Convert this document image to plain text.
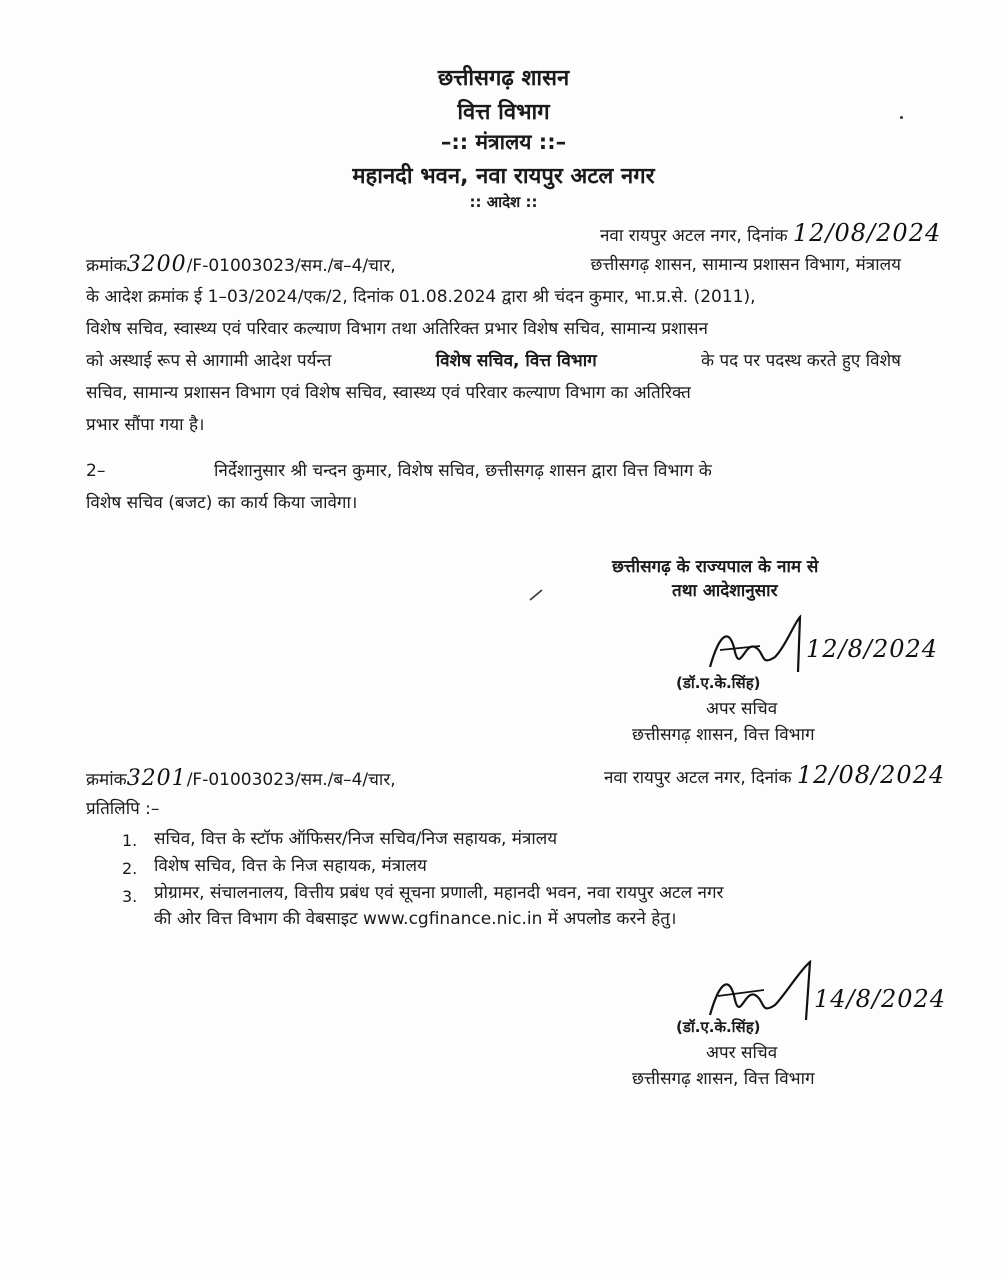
छत्तीसगढ़ शासन
वित्त विभाग
–:: मंत्रालय ::–
महानदी भवन, नवा रायपुर अटल नगर
:: आदेश ::
नवा रायपुर अटल नगर, दिनांक 12/08/2024
क्रमांक3200/F-01003023/सम./ब–4/चार,	छत्तीसगढ़ शासन, सामान्य प्रशासन विभाग, मंत्रालय
के आदेश क्रमांक ई 1–03/2024/एक/2, दिनांक 01.08.2024 द्वारा श्री चंदन कुमार, भा.प्र.से. (2011),
विशेष सचिव, स्वास्थ्य एवं परिवार कल्याण विभाग तथा अतिरिक्त प्रभार विशेष सचिव, सामान्य प्रशासन
को अस्थाई रूप से आगामी आदेश पर्यन्त	विशेष सचिव, वित्त विभाग	के पद पर पदस्थ करते हुए विशेष
सचिव, सामान्य प्रशासन विभाग एवं विशेष सचिव, स्वास्थ्य एवं परिवार कल्याण विभाग का अतिरिक्त
प्रभार सौंपा गया है।
2–	निर्देशानुसार श्री चन्दन कुमार, विशेष सचिव, छत्तीसगढ़ शासन द्वारा वित्त विभाग के
विशेष सचिव (बजट) का कार्य किया जावेगा।
छत्तीसगढ़ के राज्यपाल के नाम से
तथा आदेशानुसार
12/8/2024
(डॉ.ए.के.सिंह)
अपर सचिव
छत्तीसगढ़ शासन, वित्त विभाग
क्रमांक3201/F-01003023/सम./ब–4/चार,	नवा रायपुर अटल नगर, दिनांक 12/08/2024
प्रतिलिपि :–
1. सचिव, वित्त के स्टॉफ ऑफिसर/निज सचिव/निज सहायक, मंत्रालय
2. विशेष सचिव, वित्त के निज सहायक, मंत्रालय
3. प्रोग्रामर, संचालनालय, वित्तीय प्रबंध एवं सूचना प्रणाली, महानदी भवन, नवा रायपुर अटल नगर
की ओर वित्त विभाग की वेबसाइट www.cgfinance.nic.in में अपलोड करने हेतु।
14/8/2024
(डॉ.ए.के.सिंह)
अपर सचिव
छत्तीसगढ़ शासन, वित्त विभाग
